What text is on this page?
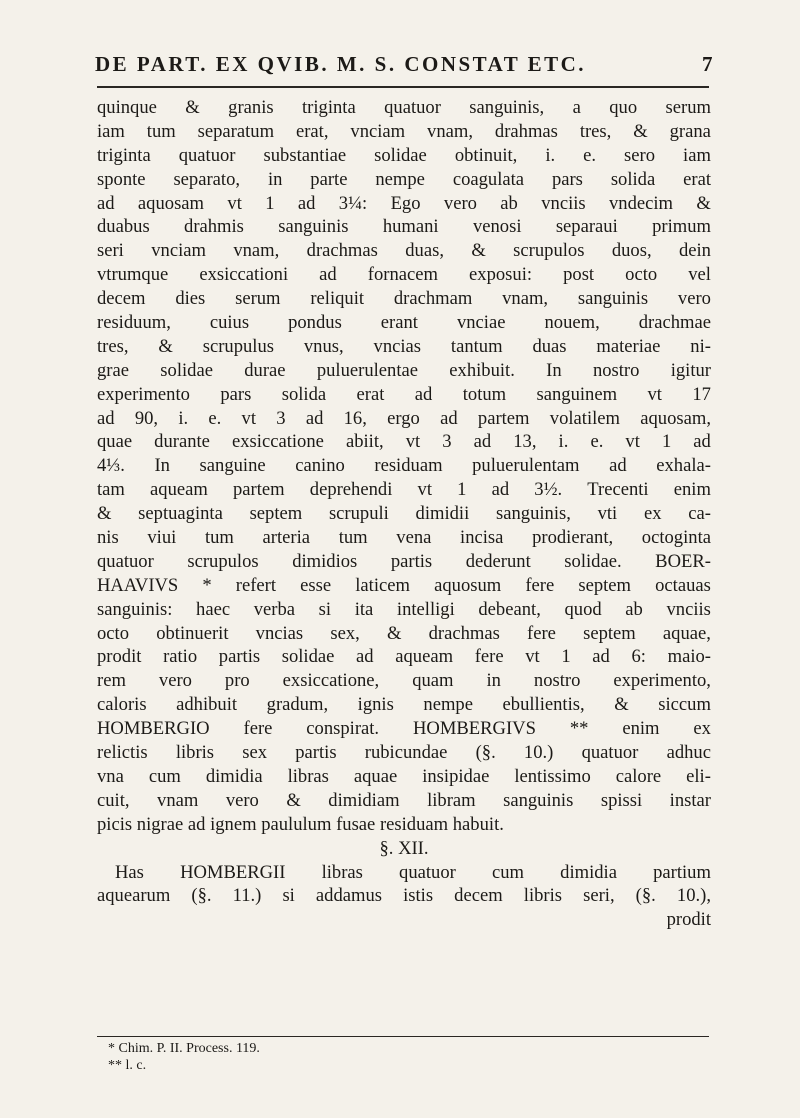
DE PART. EX QVIB. M. S. CONSTAT ETC.	7
quinque & granis triginta quatuor sanguinis, a quo serum
iam tum separatum erat, vnciam vnam, drahmas tres, & grana
triginta quatuor substantiae solidae obtinuit, i. e. sero iam
sponte separato, in parte nempe coagulata pars solida erat
ad aquosam vt 1 ad 3¼: Ego vero ab vnciis vndecim &
duabus drahmis sanguinis humani venosi separaui primum
seri vnciam vnam, drachmas duas, & scrupulos duos, dein
vtrumque exsiccationi ad fornacem exposui: post octo vel
decem dies serum reliquit drachmam vnam, sanguinis vero
residuum, cuius pondus erant vnciae nouem, drachmae
tres, & scrupulus vnus, vncias tantum duas materiae ni-
grae solidae durae puluerulentae exhibuit. In nostro igitur
experimento pars solida erat ad totum sanguinem vt 17
ad 90, i. e. vt 3 ad 16, ergo ad partem volatilem aquosam,
quae durante exsiccatione abiit, vt 3 ad 13, i. e. vt 1 ad
4⅓. In sanguine canino residuam puluerulentam ad exhala-
tam aqueam partem deprehendi vt 1 ad 3½. Trecenti enim
& septuaginta septem scrupuli dimidii sanguinis, vti ex ca-
nis viui tum arteria tum vena incisa prodierant, octoginta
quatuor scrupulos dimidios partis dederunt solidae. BOER-
HAAVIVS * refert esse laticem aquosum fere septem octauas
sanguinis: haec verba si ita intelligi debeant, quod ab vnciis
octo obtinuerit vncias sex, & drachmas fere septem aquae,
prodit ratio partis solidae ad aqueam fere vt 1 ad 6: maio-
rem vero pro exsiccatione, quam in nostro experimento,
caloris adhibuit gradum, ignis nempe ebullientis, & siccum
HOMBERGIO fere conspirat. HOMBERGIVS ** enim ex
relictis libris sex partis rubicundae (§. 10.) quatuor adhuc
vna cum dimidia libras aquae insipidae lentissimo calore eli-
cuit, vnam vero & dimidiam libram sanguinis spissi instar
picis nigrae ad ignem paululum fusae residuam habuit.
§. XII.
Has HOMBERGII libras quatuor cum dimidia partium
aquearum (§. 11.) si addamus istis decem libris seri, (§. 10.),
prodit
* Chim. P. II. Process. 119.
** l. c.
